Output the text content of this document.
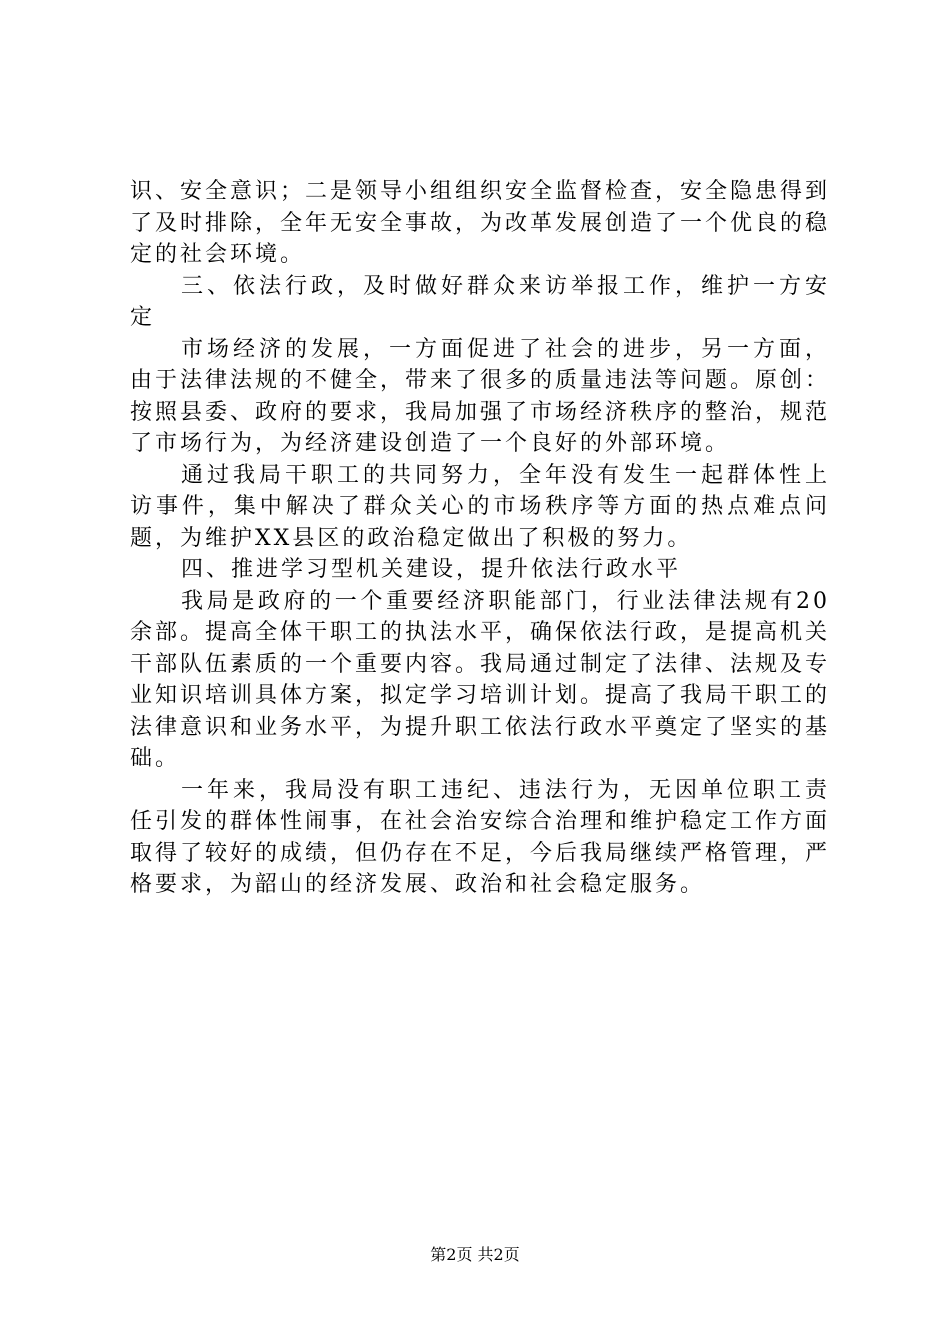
识、安全意识；二是领导小组组织安全监督检查，安全隐患得到了及时排除，全年无安全事故，为改革发展创造了一个优良的稳定的社会环境。

三、依法行政，及时做好群众来访举报工作，维护一方安定

市场经济的发展，一方面促进了社会的进步，另一方面，由于法律法规的不健全，带来了很多的质量违法等问题。原创：按照县委、政府的要求，我局加强了市场经济秩序的整治，规范了市场行为，为经济建设创造了一个良好的外部环境。

通过我局干职工的共同努力，全年没有发生一起群体性上访事件，集中解决了群众关心的市场秩序等方面的热点难点问题，为维护XX县区的政治稳定做出了积极的努力。

四、推进学习型机关建设，提升依法行政水平

我局是政府的一个重要经济职能部门，行业法律法规有20余部。提高全体干职工的执法水平，确保依法行政，是提高机关干部队伍素质的一个重要内容。我局通过制定了法律、法规及专业知识培训具体方案，拟定学习培训计划。提高了我局干职工的法律意识和业务水平，为提升职工依法行政水平奠定了坚实的基础。

一年来，我局没有职工违纪、违法行为，无因单位职工责任引发的群体性闹事，在社会治安综合治理和维护稳定工作方面取得了较好的成绩，但仍存在不足，今后我局继续严格管理，严格要求，为韶山的经济发展、政治和社会稳定服务。

第2页 共2页
